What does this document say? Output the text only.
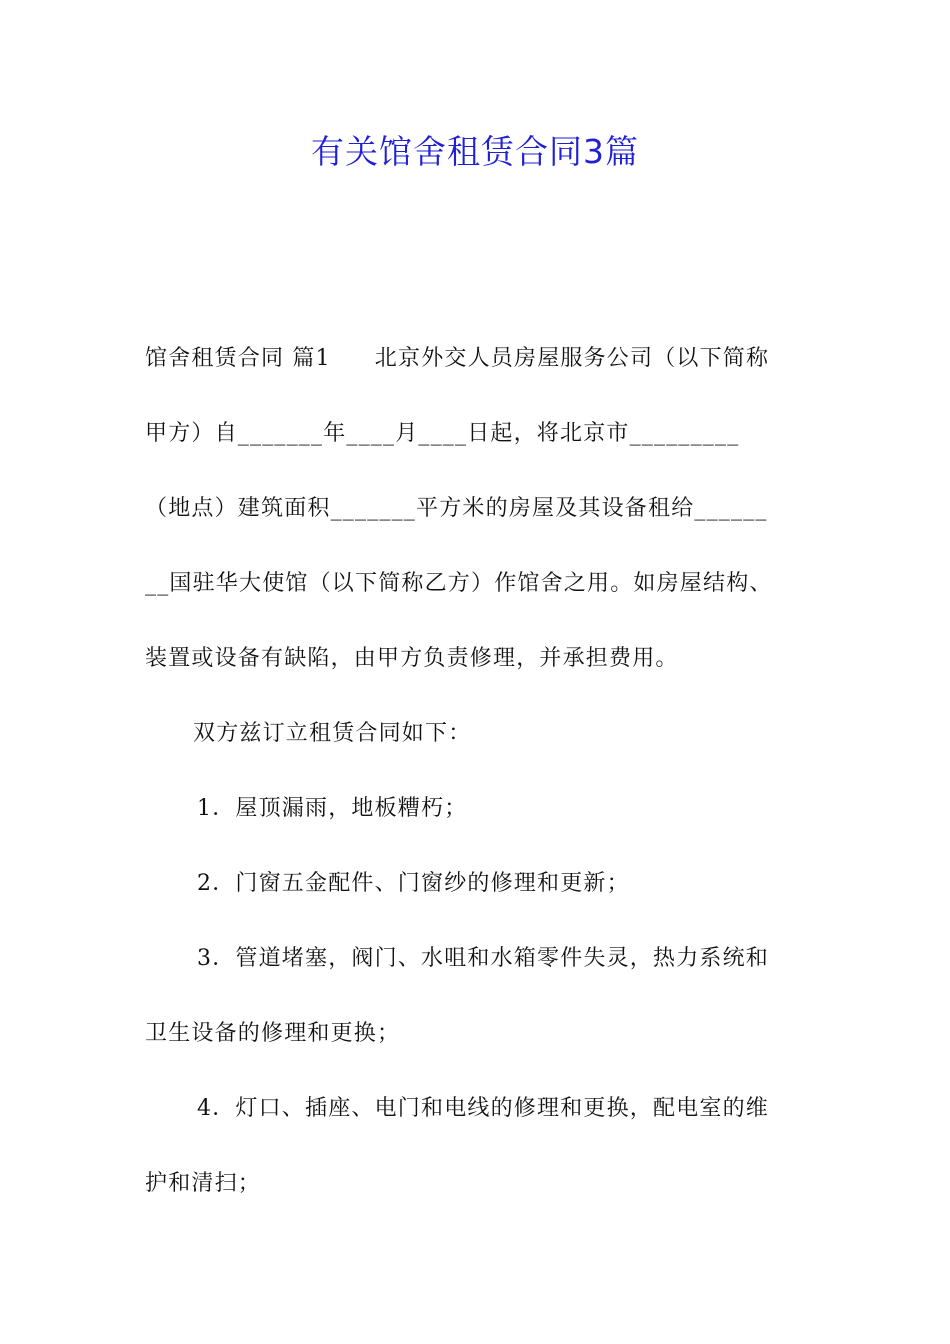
有关馆舍租赁合同3篇
馆舍租赁合同 篇1 北京外交人员房屋服务公司（以下简称
甲方）自_______年____月____日起，将北京市_________
（地点）建筑面积_______平方米的房屋及其设备租给______
__国驻华大使馆（以下简称乙方）作馆舍之用。如房屋结构、
装置或设备有缺陷，由甲方负责修理，并承担费用。
双方兹订立租赁合同如下：
1．屋顶漏雨，地板糟朽；
2．门窗五金配件、门窗纱的修理和更新；
3．管道堵塞，阀门、水咀和水箱零件失灵，热力系统和
卫生设备的修理和更换；
4．灯口、插座、电门和电线的修理和更换，配电室的维
护和清扫；
